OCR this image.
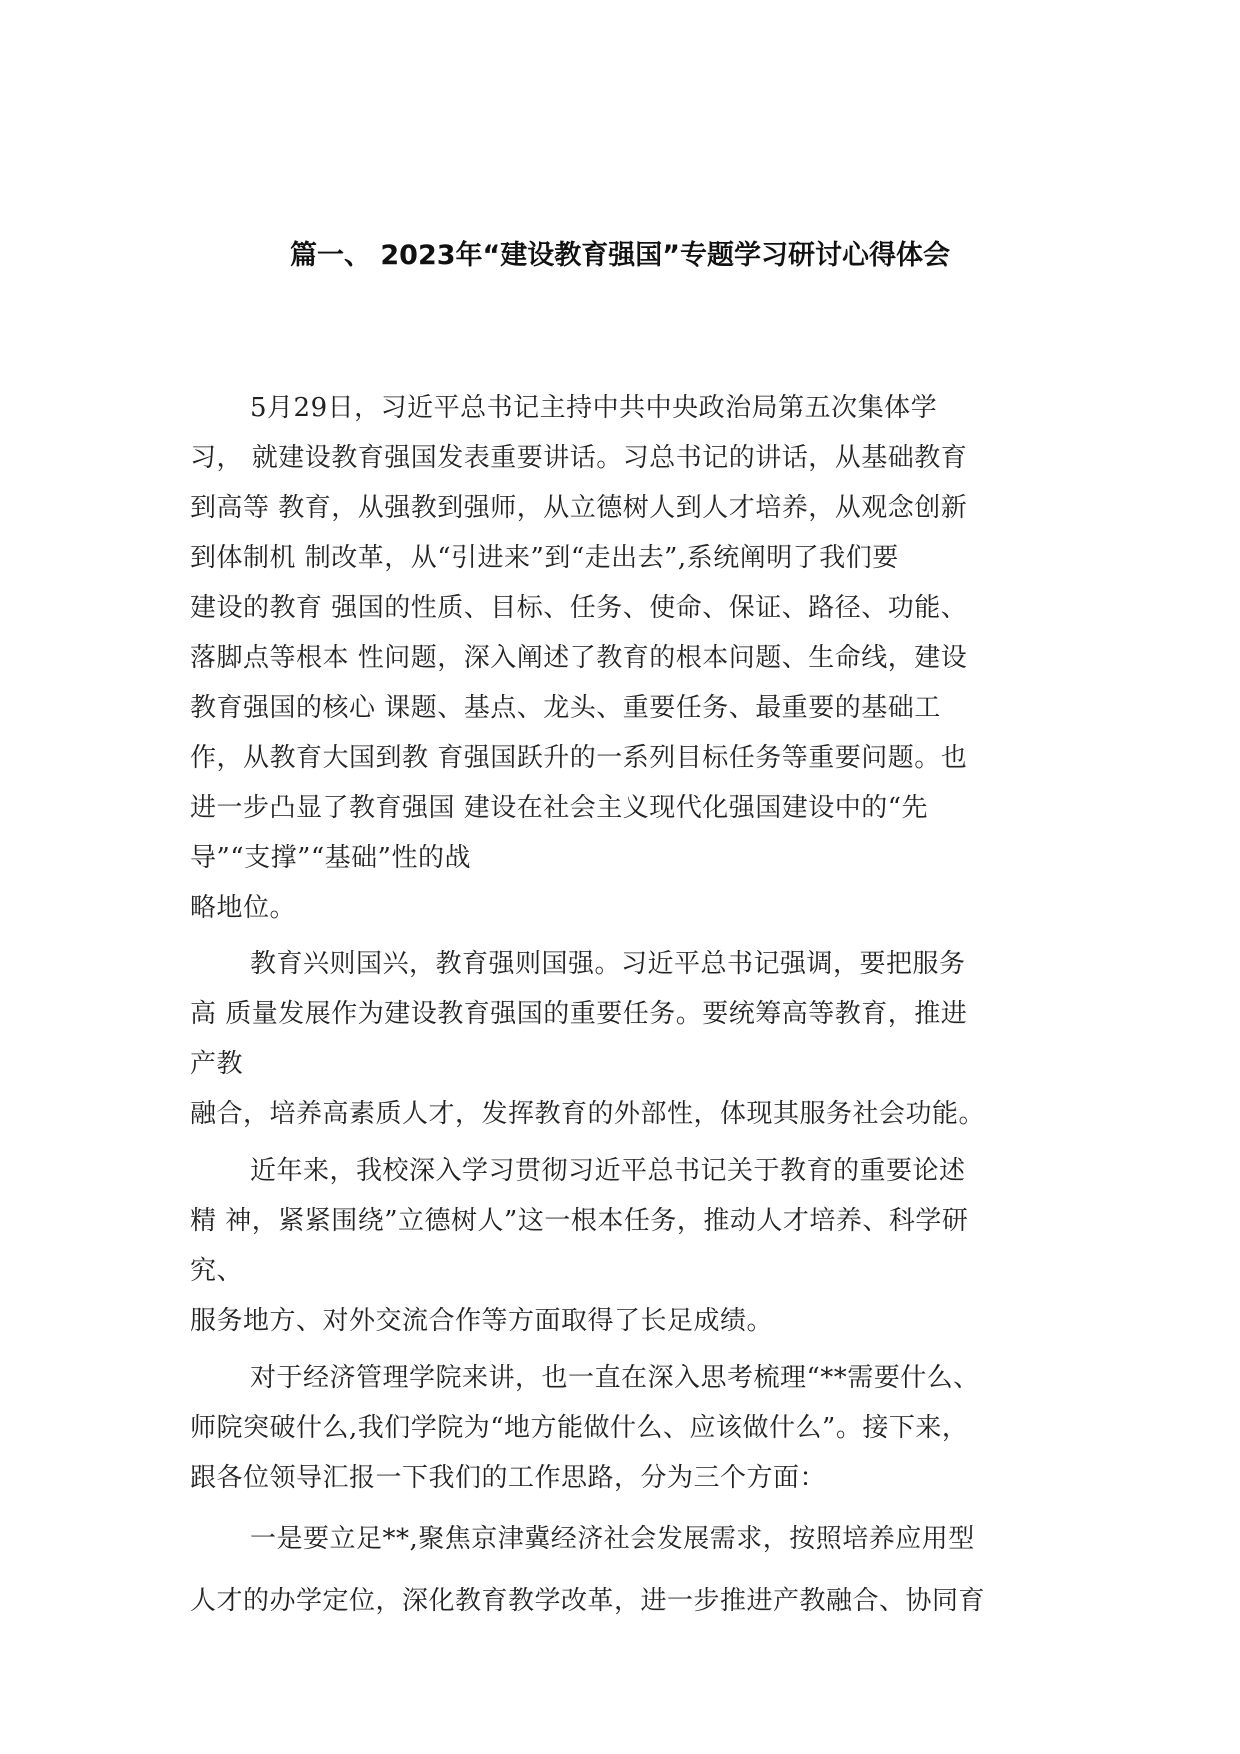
篇一、 2023年“建设教育强国”专题学习研讨心得体会
5月29日，习近平总书记主持中共中央政治局第五次集体学
习， 就建设教育强国发表重要讲话。习总书记的讲话，从基础教育
到高等 教育，从强教到强师，从立德树人到人才培养，从观念创新
到体制机 制改革，从“引进来”到“走出去”,系统阐明了我们要
建设的教育 强国的性质、目标、任务、使命、保证、路径、功能、
落脚点等根本 性问题，深入阐述了教育的根本问题、生命线，建设
教育强国的核心 课题、基点、龙头、重要任务、最重要的基础工
作，从教育大国到教 育强国跃升的一系列目标任务等重要问题。也
进一步凸显了教育强国 建设在社会主义现代化强国建设中的“先
导”“支撑”“基础”性的战
略地位。
教育兴则国兴，教育强则国强。习近平总书记强调，要把服务
高 质量发展作为建设教育强国的重要任务。要统筹高等教育，推进
产教
融合，培养高素质人才，发挥教育的外部性，体现其服务社会功能。
近年来，我校深入学习贯彻习近平总书记关于教育的重要论述
精 神，紧紧围绕”立德树人”这一根本任务，推动人才培养、科学研
究、
服务地方、对外交流合作等方面取得了长足成绩。
对于经济管理学院来讲，也一直在深入思考梳理“**需要什么、
师院突破什么,我们学院为“地方能做什么、应该做什么”。接下来，
跟各位领导汇报一下我们的工作思路，分为三个方面：
一是要立足**,聚焦京津冀经济社会发展需求，按照培养应用型
人才的办学定位，深化教育教学改革，进一步推进产教融合、协同育
